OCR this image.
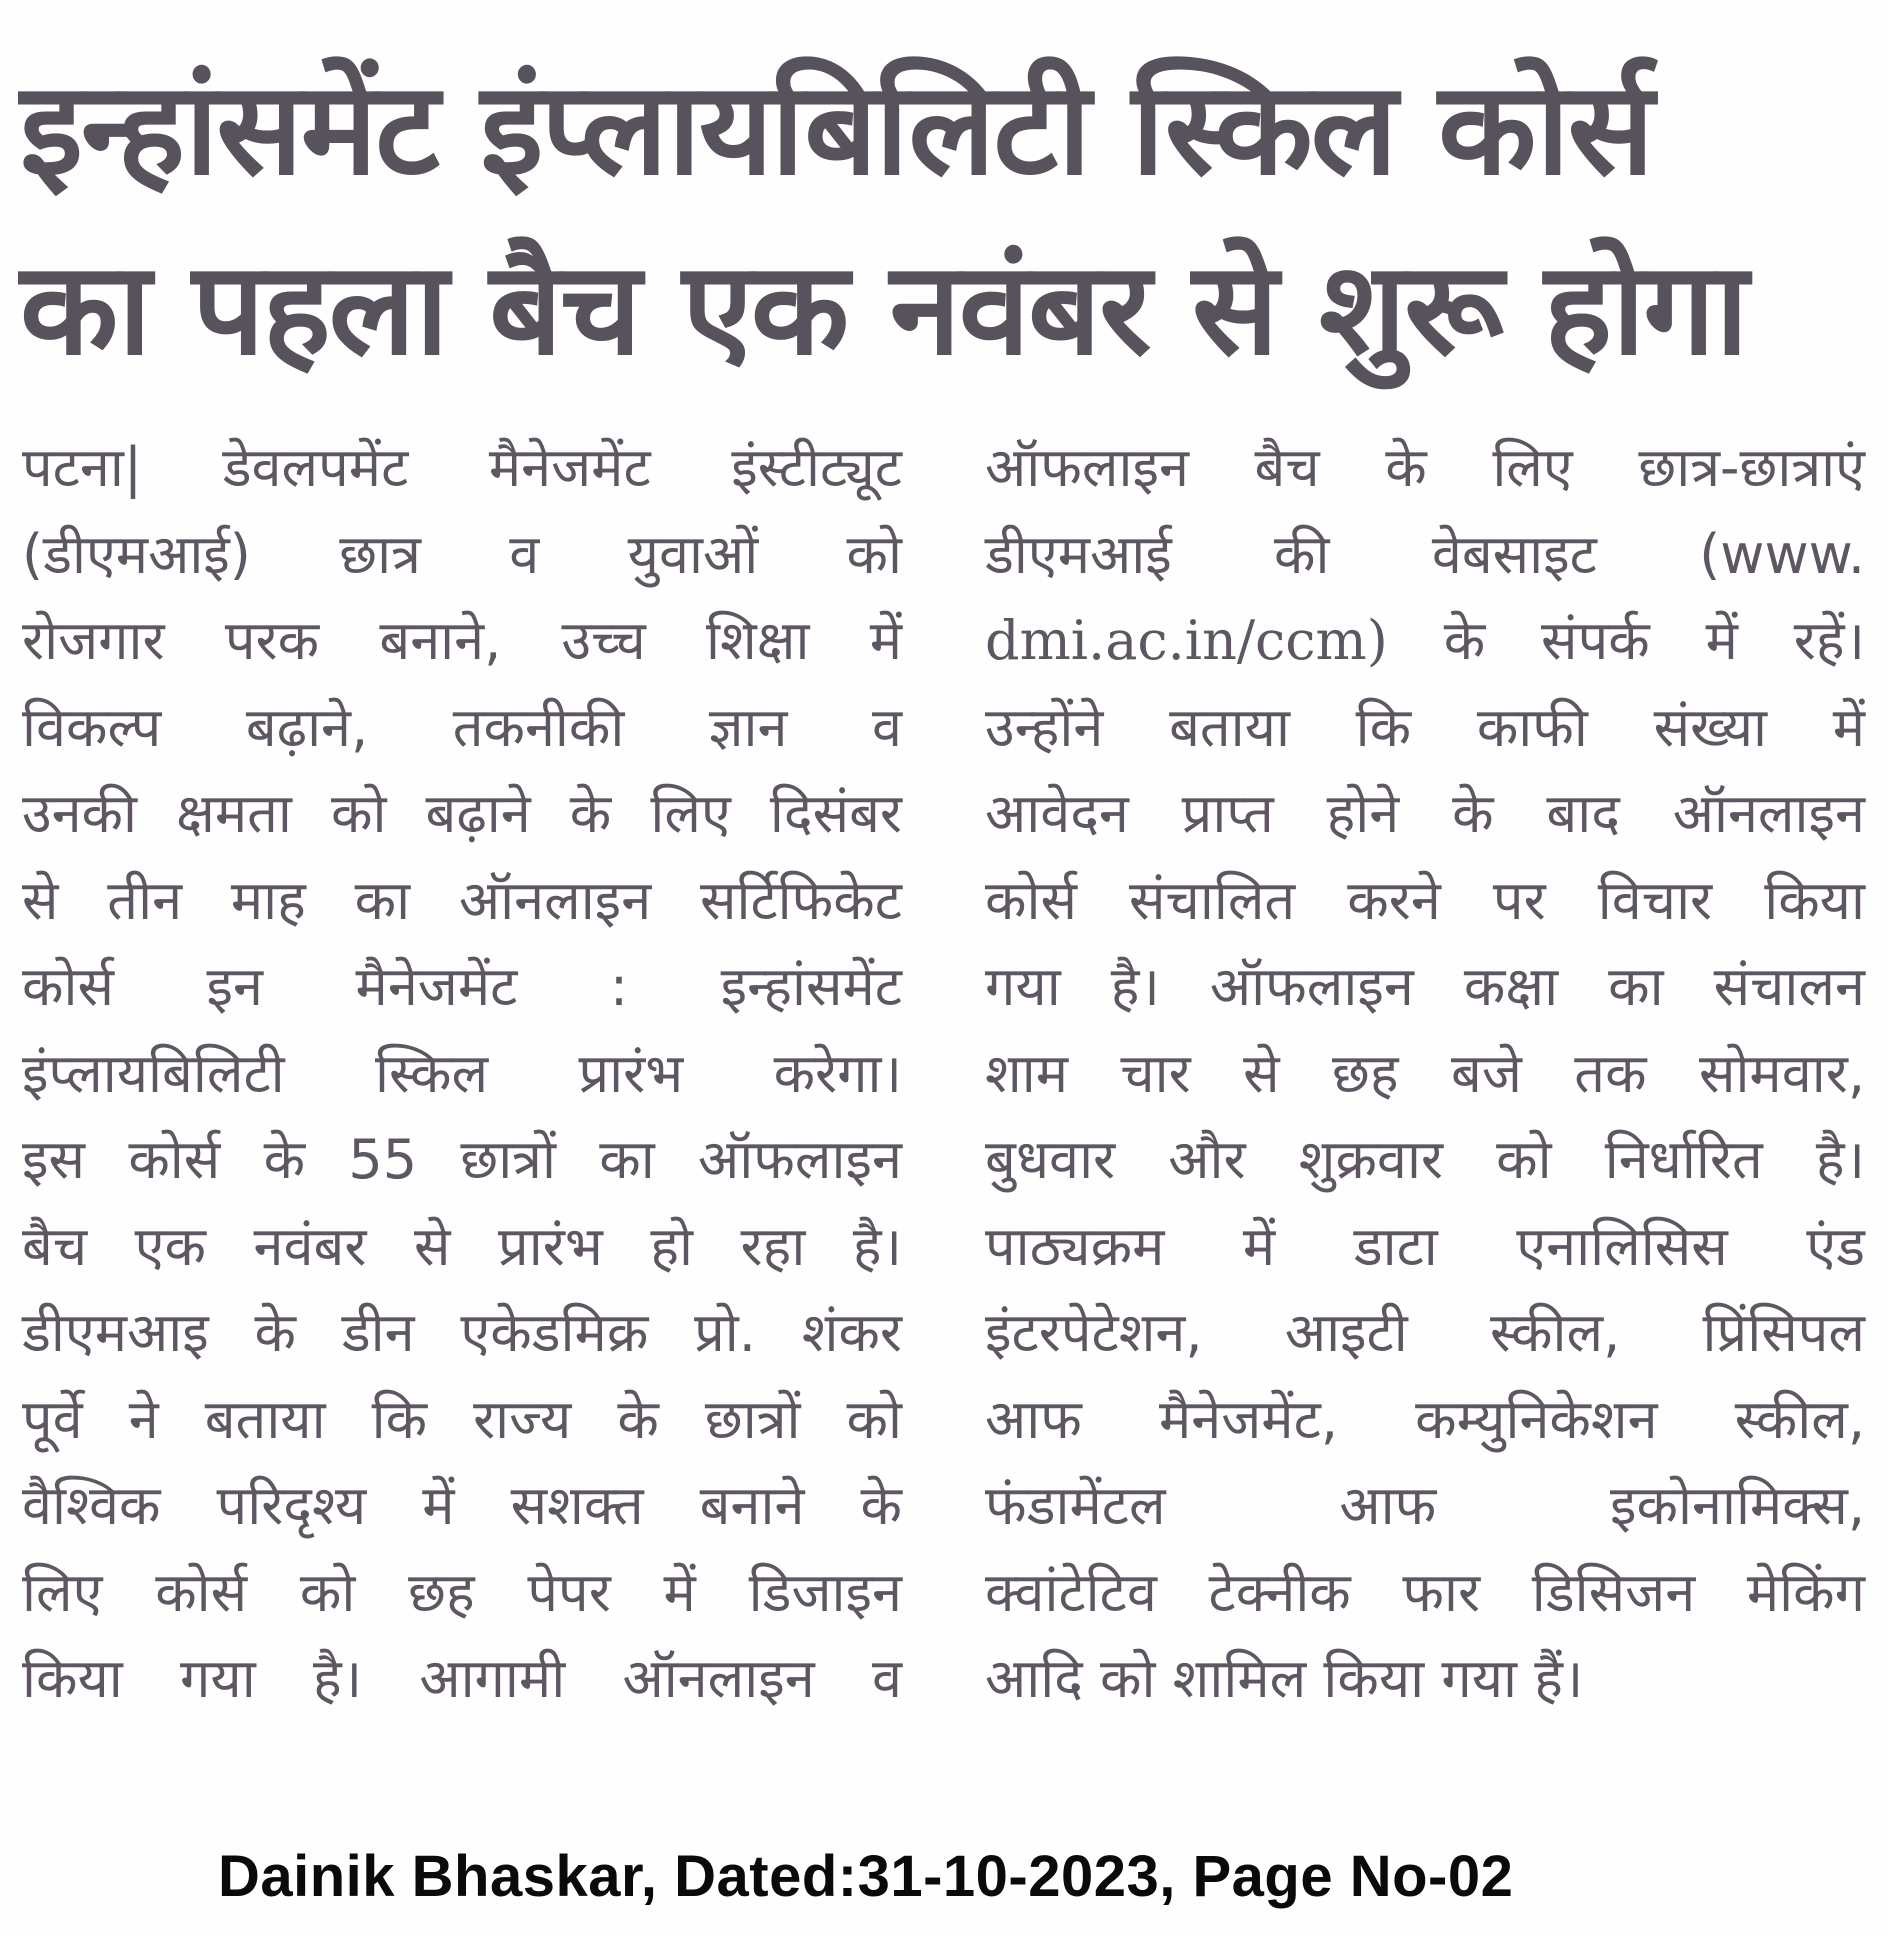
इन्हांसमेंट इंप्लायबिलिटी स्किल कोर्स
का पहला बैच एक नवंबर से शुरू होगा
पटना| डेवलपमेंट मैनेजमेंट इंस्टीट्यूट
(डीएमआई) छात्र व युवाओं को
रोजगार परक बनाने, उच्च शिक्षा में
विकल्प बढ़ाने, तकनीकी ज्ञान व
उनकी क्षमता को बढ़ाने के लिए दिसंबर
से तीन माह का ऑनलाइन सर्टिफिकेट
कोर्स इन मैनेजमेंट : इन्हांसमेंट
इंप्लायबिलिटी स्किल प्रारंभ करेगा।
इस कोर्स के 55 छात्रों का ऑफलाइन
बैच एक नवंबर से प्रारंभ हो रहा है।
डीएमआइ के डीन एकेडमिक्र प्रो. शंकर
पूर्वे ने बताया कि राज्य के छात्रों को
वैश्विक परिदृश्य में सशक्त बनाने के
लिए कोर्स को छह पेपर में डिजाइन
किया गया है। आगामी ऑनलाइन व
ऑफलाइन बैच के लिए छात्र-छात्राएं
डीएमआई की वेबसाइट (www.
dmi.ac.in/ccm) के संपर्क में रहें।
उन्होंने बताया कि काफी संख्या में
आवेदन प्राप्त होने के बाद ऑनलाइन
कोर्स संचालित करने पर विचार किया
गया है। ऑफलाइन कक्षा का संचालन
शाम चार से छह बजे तक सोमवार,
बुधवार और शुक्रवार को निर्धारित है।
पाठ्यक्रम में डाटा एनालिसिस एंड
इंटरपेटेशन, आइटी स्कील, प्रिंसिपल
आफ मैनेजमेंट, कम्युनिकेशन स्कील,
फंडामेंटल आफ इकोनामिक्स,
क्वांटेटिव टेक्नीक फार डिसिजन मेकिंग
आदि को शामिल किया गया हैं।
Dainik Bhaskar, Dated:31-10-2023, Page No-02
